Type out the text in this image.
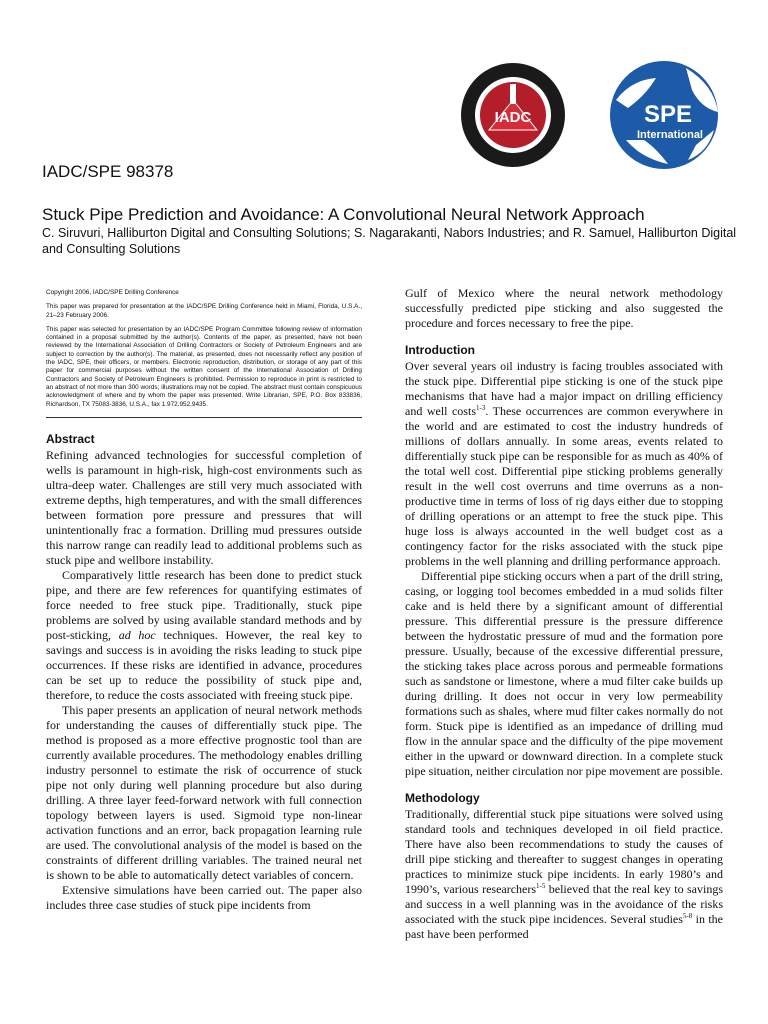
IADC	SPE
International
IADC/SPE 98378
Stuck Pipe Prediction and Avoidance: A Convolutional Neural Network Approach
C. Siruvuri, Halliburton Digital and Consulting Solutions; S. Nagarakanti, Nabors Industries; and R. Samuel, Halliburton Digital and Consulting Solutions

Copyright 2006, IADC/SPE Drilling Conference

This paper was prepared for presentation at the IADC/SPE Drilling Conference held in Miami, Florida, U.S.A., 21–23 February 2006.

This paper was selected for presentation by an IADC/SPE Program Committee following review of information contained in a proposal submitted by the author(s). Contents of the paper, as presented, have not been reviewed by the International Association of Drilling Contractors or Society of Petroleum Engineers and are subject to correction by the author(s). The material, as presented, does not necessarily reflect any position of the IADC, SPE, their officers, or members. Electronic reproduction, distribution, or storage of any part of this paper for commercial purposes without the written consent of the International Association of Drilling Contractors and Society of Petroleum Engineers is prohibited. Permission to reproduce in print is restricted to an abstract of not more than 300 words; illustrations may not be copied. The abstract must contain conspicuous acknowledgment of where and by whom the paper was presented. Write Librarian, SPE, P.O. Box 833836, Richardson, TX 75083-3836, U.S.A., fax 1.972.952.9435.

Abstract

Refining advanced technologies for successful completion of wells is paramount in high-risk, high-cost environments such as ultra-deep water. Challenges are still very much associated with extreme depths, high temperatures, and with the small differences between formation pore pressure and pressures that will unintentionally frac a formation. Drilling mud pressures outside this narrow range can readily lead to additional problems such as stuck pipe and wellbore instability.

Comparatively little research has been done to predict stuck pipe, and there are few references for quantifying estimates of force needed to free stuck pipe. Traditionally, stuck pipe problems are solved by using available standard methods and by post-sticking, ad hoc techniques. However, the real key to savings and success is in avoiding the risks leading to stuck pipe occurrences. If these risks are identified in advance, procedures can be set up to reduce the possibility of stuck pipe and, therefore, to reduce the costs associated with freeing stuck pipe.

This paper presents an application of neural network methods for understanding the causes of differentially stuck pipe. The method is proposed as a more effective prognostic tool than are currently available procedures. The methodology enables drilling industry personnel to estimate the risk of occurrence of stuck pipe not only during well planning procedure but also during drilling. A three layer feed-forward network with full connection topology between layers is used. Sigmoid type non-linear activation functions and an error, back propagation learning rule are used. The convolutional analysis of the model is based on the constraints of different drilling variables. The trained neural net is shown to be able to automatically detect variables of concern.

Extensive simulations have been carried out. The paper also includes three case studies of stuck pipe incidents from

Gulf of Mexico where the neural network methodology successfully predicted pipe sticking and also suggested the procedure and forces necessary to free the pipe.

Introduction

Over several years oil industry is facing troubles associated with the stuck pipe. Differential pipe sticking is one of the stuck pipe mechanisms that have had a major impact on drilling efficiency and well costs$^{1-3}$. These occurrences are common everywhere in the world and are estimated to cost the industry hundreds of millions of dollars annually. In some areas, events related to differentially stuck pipe can be responsible for as much as 40% of the total well cost. Differential pipe sticking problems generally result in the well cost overruns and time overruns as a non-productive time in terms of loss of rig days either due to stopping of drilling operations or an attempt to free the stuck pipe. This huge loss is always accounted in the well budget cost as a contingency factor for the risks associated with the stuck pipe problems in the well planning and drilling performance approach.

Differential pipe sticking occurs when a part of the drill string, casing, or logging tool becomes embedded in a mud solids filter cake and is held there by a significant amount of differential pressure. This differential pressure is the pressure difference between the hydrostatic pressure of mud and the formation pore pressure. Usually, because of the excessive differential pressure, the sticking takes place across porous and permeable formations such as sandstone or limestone, where a mud filter cake builds up during drilling. It does not occur in very low permeability formations such as shales, where mud filter cakes normally do not form. Stuck pipe is identified as an impedance of drilling mud flow in the annular space and the difficulty of the pipe movement either in the upward or downward direction. In a complete stuck pipe situation, neither circulation nor pipe movement are possible.

Methodology

Traditionally, differential stuck pipe situations were solved using standard tools and techniques developed in oil field practice. There have also been recommendations to study the causes of drill pipe sticking and thereafter to suggest changes in operating practices to minimize stuck pipe incidents. In early 1980’s and 1990’s, various researchers$^{1-5}$ believed that the real key to savings and success in a well planning was in the avoidance of the risks associated with the stuck pipe incidences. Several studies$^{5-8}$ in the past have been performed
